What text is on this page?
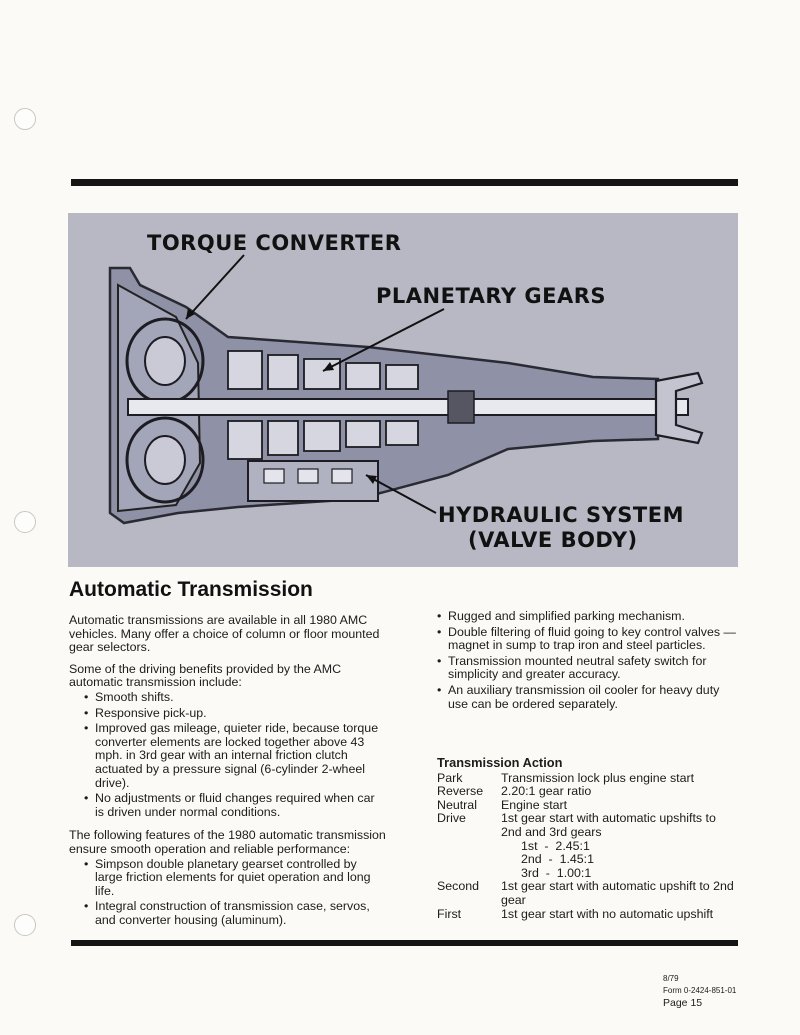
TORQUE CONVERTER
PLANETARY GEARS
HYDRAULIC SYSTEM
(VALVE BODY)
Automatic Transmission

Automatic transmissions are available in all 1980 AMC vehicles. Many offer a choice of column or floor mounted gear selectors.

Some of the driving benefits provided by the AMC automatic transmission include:

• Smooth shifts.
• Responsive pick-up.
• Improved gas mileage, quieter ride, because torque converter elements are locked together above 43 mph. in 3rd gear with an internal friction clutch actuated by a pressure signal (6-cylinder 2-wheel drive).
• No adjustments or fluid changes required when car is driven under normal conditions.

The following features of the 1980 automatic transmission ensure smooth operation and reliable performance:

• Simpson double planetary gearset controlled by large friction elements for quiet operation and long life.
• Integral construction of transmission case, servos, and converter housing (aluminum).
• Rugged and simplified parking mechanism.
• Double filtering of fluid going to key control valves — magnet in sump to trap iron and steel particles.
• Transmission mounted neutral safety switch for simplicity and greater accuracy.
• An auxiliary transmission oil cooler for heavy duty use can be ordered separately.
Transmission Action
Park	Transmission lock plus engine start
Reverse	2.20:1 gear ratio
Neutral	Engine start
Drive	1st gear start with automatic upshifts to 2nd and 3rd gears
1st  -  2.45:1
2nd  -  1.45:1
3rd  -  1.00:1
Second	1st gear start with automatic upshift to 2nd gear
First	1st gear start with no automatic upshift
8/79
Form 0-2424-851-01
Page 15
